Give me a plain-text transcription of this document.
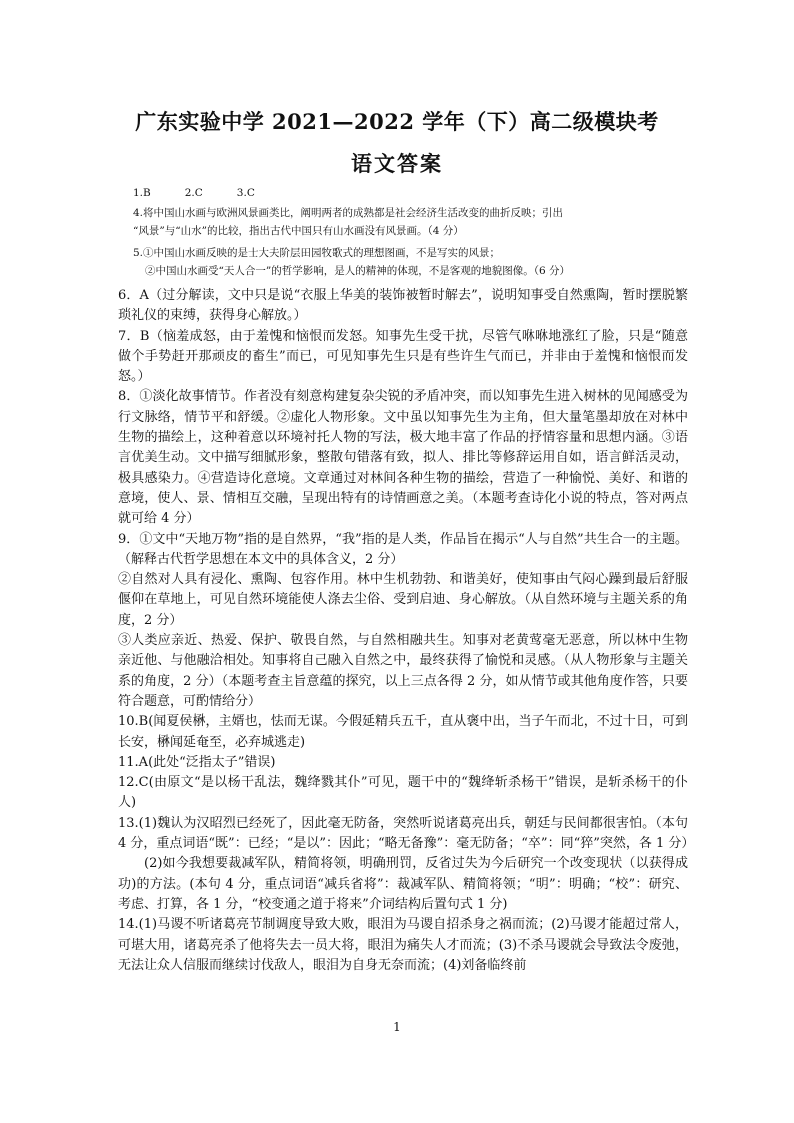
广东实验中学 2021—2022 学年（下）高二级模块考
语文答案
1.B	2.C	3.C
4.将中国山水画与欧洲风景画类比，阐明两者的成熟都是社会经济生活改变的曲折反映；引出
“风景”与“山水”的比较，指出古代中国只有山水画没有风景画。（4 分）
5.①中国山水画反映的是士大夫阶层田园牧歌式的理想图画，不是写实的风景；
②中国山水画受“天人合一”的哲学影响，是人的精神的体现，不是客观的地貌图像。（6 分）

6．A（过分解读，文中只是说“衣服上华美的装饰被暂时解去”，说明知事受自然熏陶，暂时摆脱繁琐礼仪的束缚，获得身心解放。）

7．B（恼羞成怒，由于羞愧和恼恨而发怒。知事先生受干扰，尽管气咻咻地涨红了脸，只是“随意做个手势赶开那顽皮的畜生”而已，可见知事先生只是有些许生气而已，并非由于羞愧和恼恨而发怒。）

8．①淡化故事情节。作者没有刻意构建复杂尖锐的矛盾冲突，而以知事先生进入树林的见闻感受为行文脉络，情节平和舒缓。②虚化人物形象。文中虽以知事先生为主角，但大量笔墨却放在对林中生物的描绘上，这种着意以环境衬托人物的写法，极大地丰富了作品的抒情容量和思想内涵。③语言优美生动。文中描写细腻形象，整散句错落有致，拟人、排比等修辞运用自如，语言鲜活灵动，极具感染力。④营造诗化意境。文章通过对林间各种生物的描绘，营造了一种愉悦、美好、和谐的意境，使人、景、情相互交融，呈现出特有的诗情画意之美。（本题考查诗化小说的特点，答对两点就可给 4 分）

9．①文中“天地万物”指的是自然界，“我”指的是人类，作品旨在揭示“人与自然”共生合一的主题。（解释古代哲学思想在本文中的具体含义，2 分）

②自然对人具有浸化、熏陶、包容作用。林中生机勃勃、和谐美好，使知事由气闷心躁到最后舒服偃仰在草地上，可见自然环境能使人涤去尘俗、受到启迪、身心解放。（从自然环境与主题关系的角度，2 分）

③人类应亲近、热爱、保护、敬畏自然，与自然相融共生。知事对老黄莺毫无恶意，所以林中生物亲近他、与他融洽相处。知事将自己融入自然之中，最终获得了愉悦和灵感。（从人物形象与主题关系的角度，2 分）（本题考查主旨意蕴的探究，以上三点各得 2 分，如从情节或其他角度作答，只要符合题意，可酌情给分）

10.B(闻夏侯楙，主婿也，怯而无谋。今假延精兵五千，直从褒中出，当子午而北，不过十日，可到长安，楙闻延奄至，必弃城逃走)

11.A(此处“泛指太子”错误)

12.C(由原文“是以杨干乱法，魏绛戮其仆”可见，题干中的“魏绛斩杀杨干”错误，是斩杀杨干的仆人)

13.(1)魏认为汉昭烈已经死了，因此毫无防备，突然听说诸葛亮出兵，朝廷与民间都很害怕。（本句 4 分，重点词语“既”：已经；“是以”：因此；“略无备豫”：毫无防备；“卒”：同“猝”突然，各 1 分）

(2)如今我想要裁减军队，精简将领，明确刑罚，反省过失为今后研究一个改变现状（以获得成功)的方法。(本句 4 分，重点词语“减兵省将”：裁减军队、精简将领；“明”：明确；“校”：研究、考虑、打算，各 1 分，“校变通之道于将来”介词结构后置句式 1 分)

14.(1)马谡不听诸葛亮节制调度导致大败，眼泪为马谡自招杀身之祸而流；(2)马谡才能超过常人，可堪大用，诸葛亮杀了他将失去一员大将，眼泪为痛失人才而流；(3)不杀马谡就会导致法令废弛，无法让众人信服而继续讨伐敌人，眼泪为自身无奈而流；(4)刘备临终前

1
